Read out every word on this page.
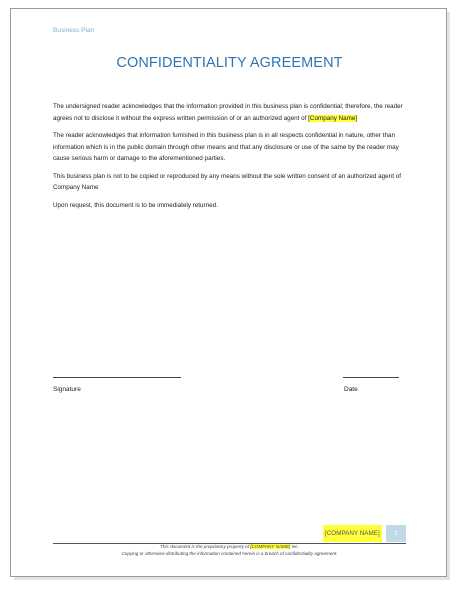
Business Plan
CONFIDENTIALITY AGREEMENT

The undersigned reader acknowledges that the information provided in this business plan is confidential; therefore, the reader agrees not to disclose it without the express written permission of or an authorized agent of [Company Name]

The reader acknowledges that information furnished in this business plan is in all respects confidential in nature, other than information which is in the public domain through other means and that any disclosure or use of the same by the reader may cause serious harm or damage to the aforementioned parties.

This business plan is not to be copied or reproduced by any means without the sole written consent of an authorized agent of Company Name

Upon request, this document is to be immediately returned.

Signature	Date
[COMPANY NAME]	1
This document is the proprietary property of [COMPANY NAME] Inc.
Copying or otherwise distributing the information contained herein is a breach of confidentiality agreement.
